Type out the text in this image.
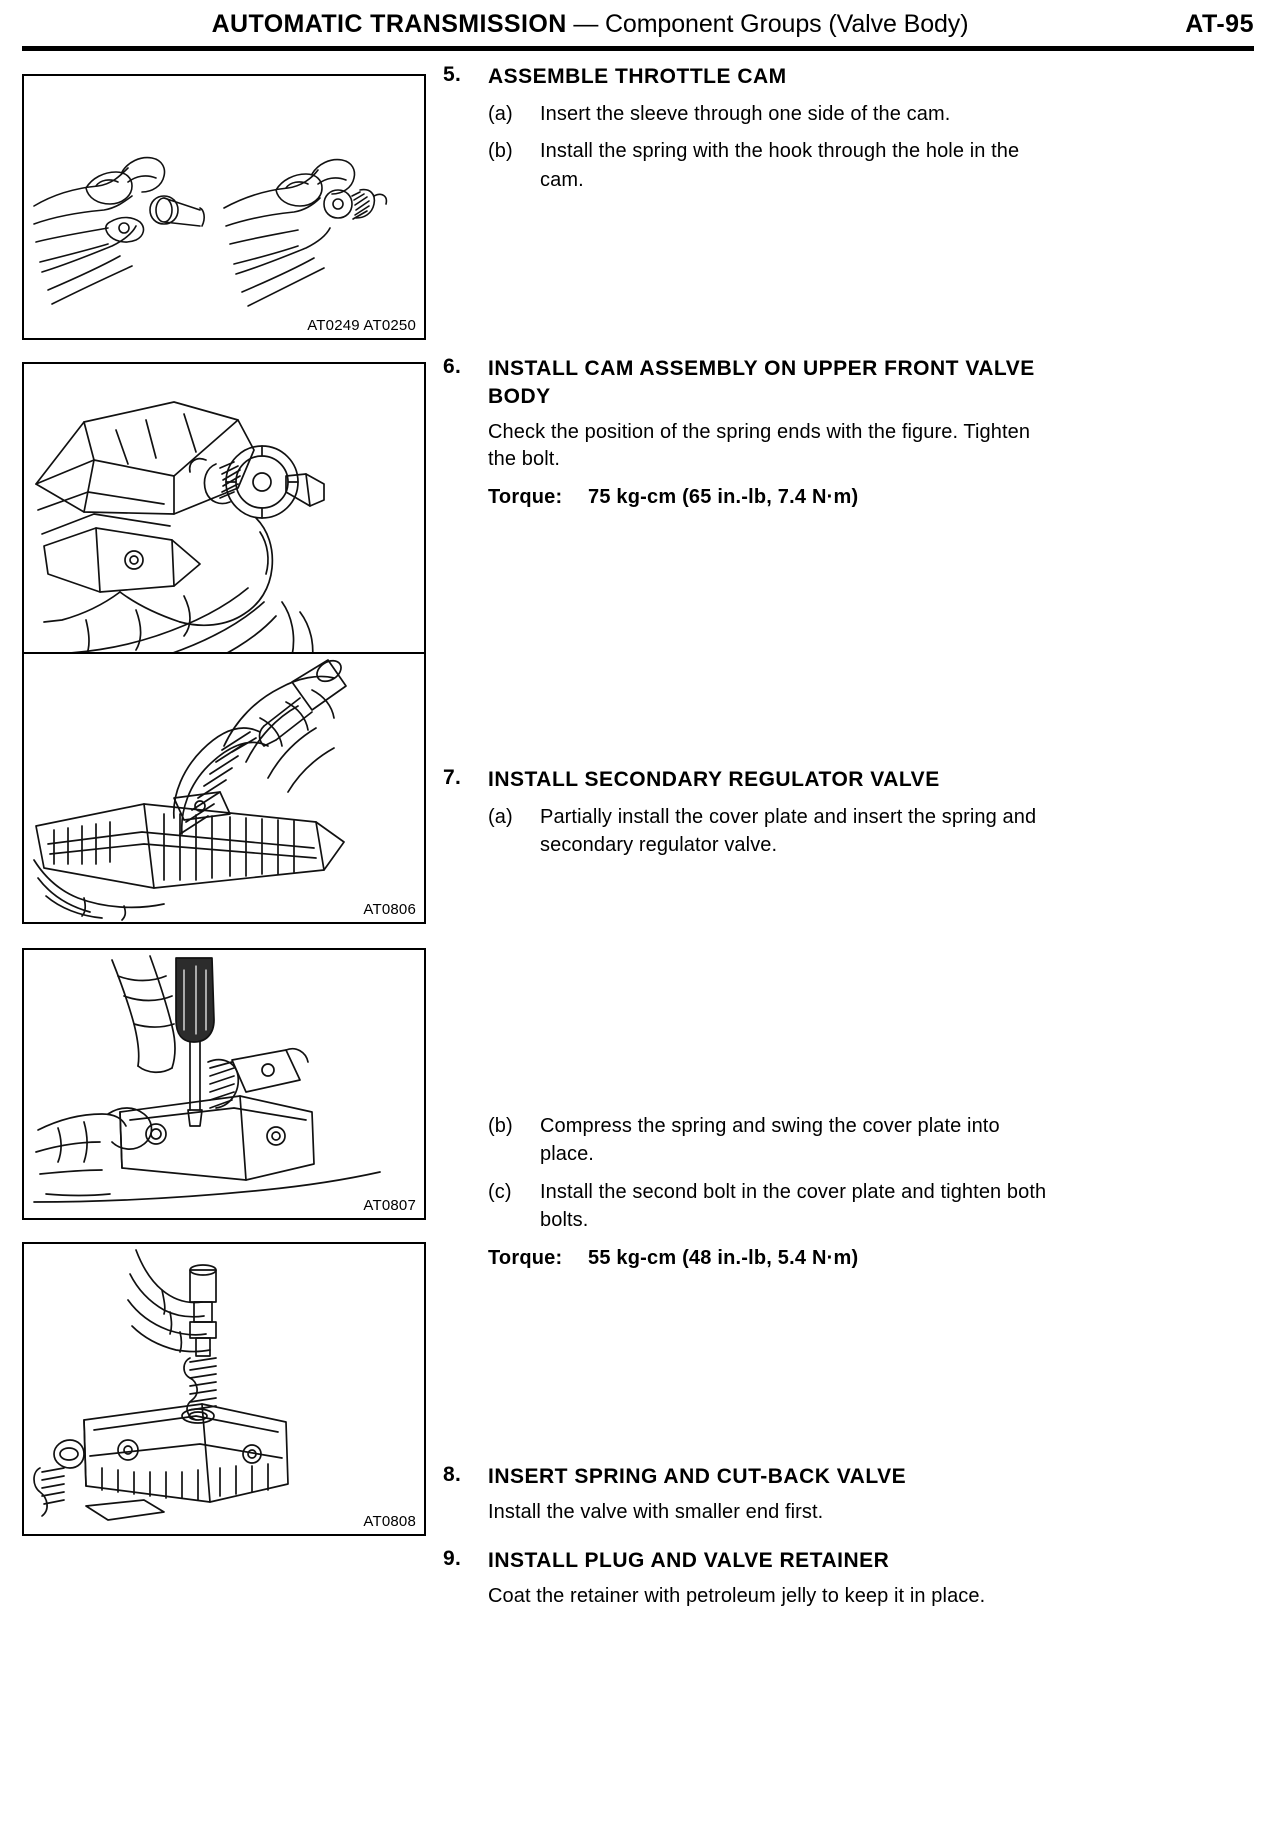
AUTOMATIC TRANSMISSION — Component Groups (Valve Body)	AT-95
AT0249 AT0250
AT0806
AT0807
AT0808
5.	ASSEMBLE THROTTLE CAM
(a)	Insert the sleeve through one side of the cam.
(b)	Install the spring with the hook through the hole in the cam.
6.	INSTALL CAM ASSEMBLY ON UPPER FRONT VALVE BODY
Check the position of the spring ends with the figure. Tighten the bolt.
Torque: 75 kg-cm (65 in.-lb, 7.4 N·m)
7.	INSTALL SECONDARY REGULATOR VALVE
(a)	Partially install the cover plate and insert the spring and secondary regulator valve.
(b)	Compress the spring and swing the cover plate into place.
(c)	Install the second bolt in the cover plate and tighten both bolts.
Torque: 55 kg-cm (48 in.-lb, 5.4 N·m)
8.	INSERT SPRING AND CUT-BACK VALVE
Install the valve with smaller end first.
9.	INSTALL PLUG AND VALVE RETAINER
Coat the retainer with petroleum jelly to keep it in place.
